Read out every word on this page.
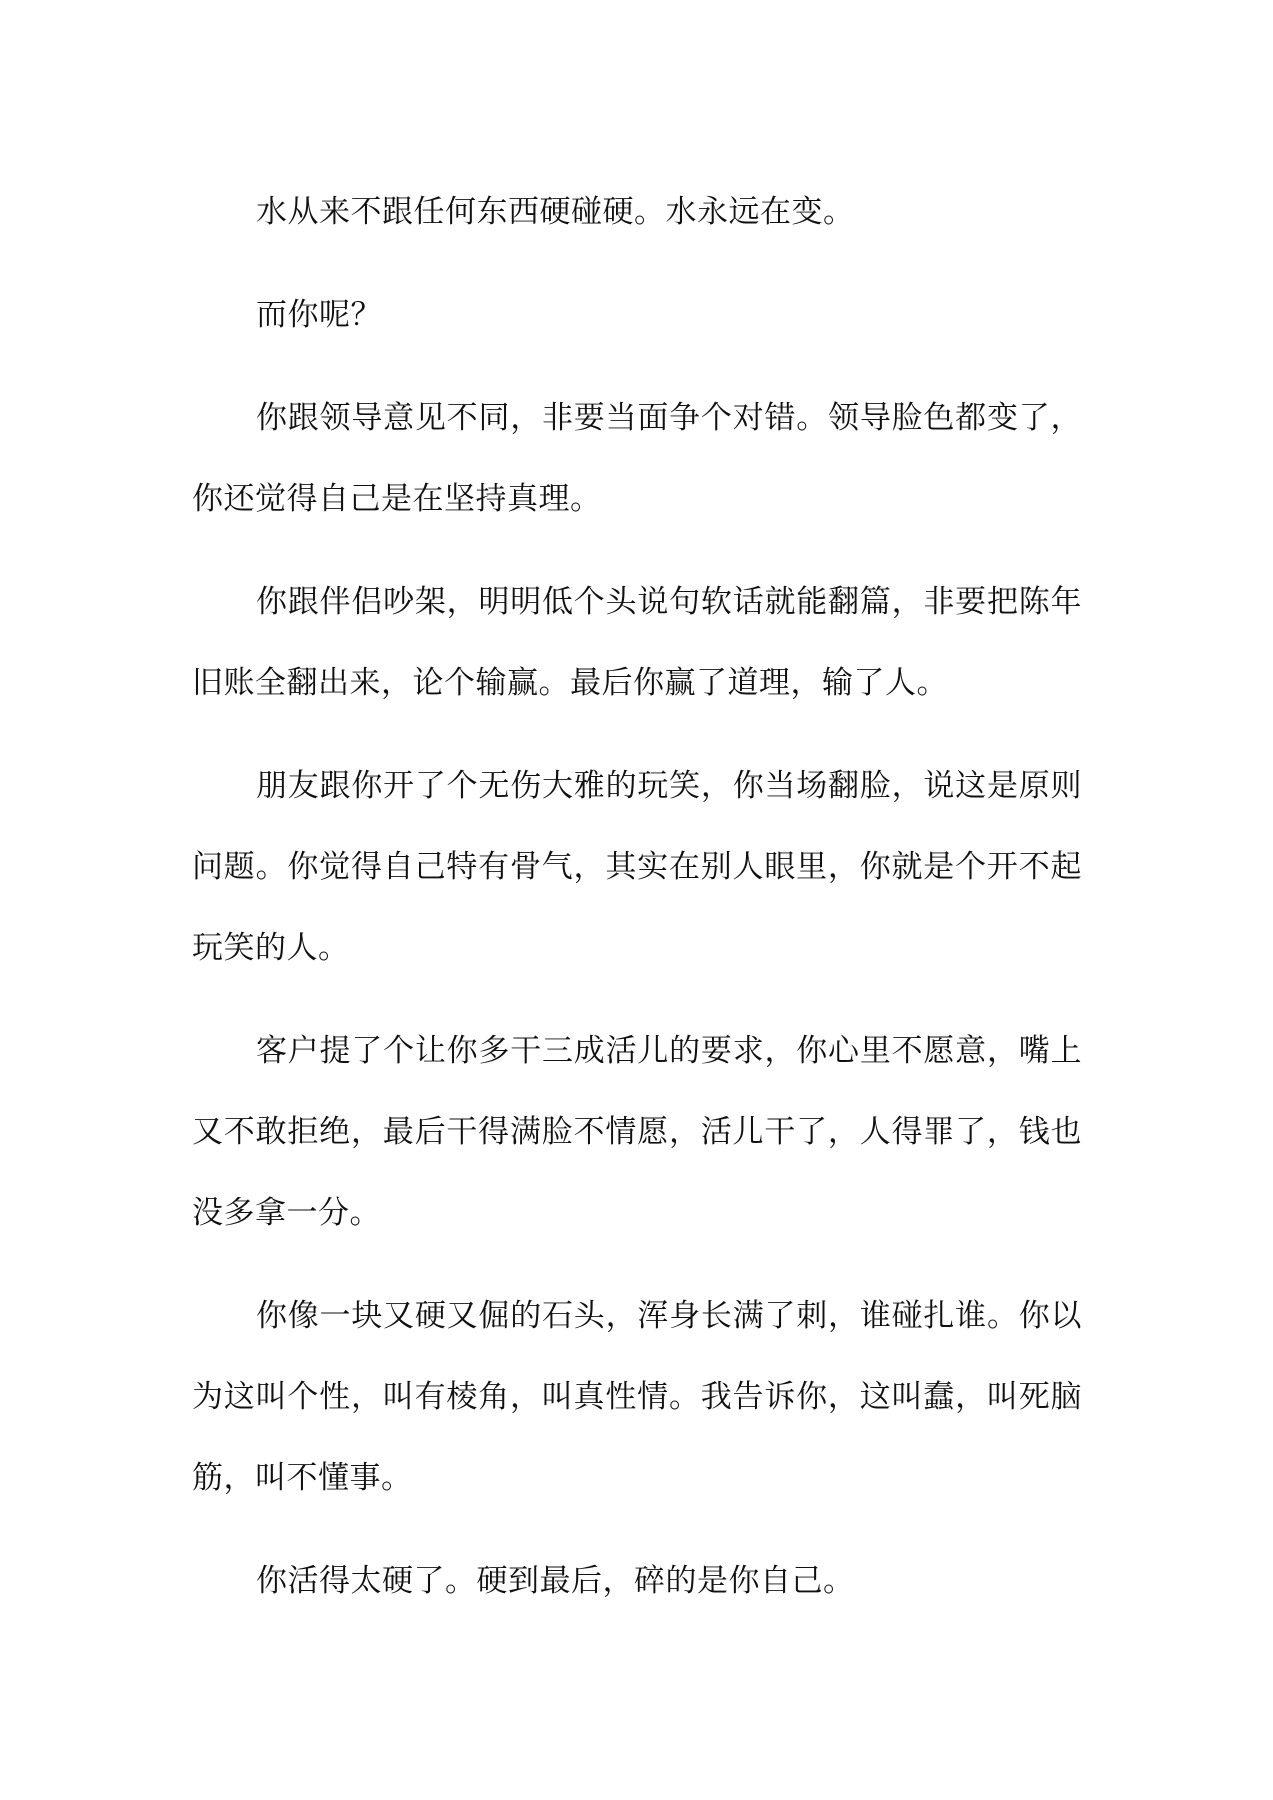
水从来不跟任何东西硬碰硬。水永远在变。

而你呢？

你跟领导意见不同，非要当面争个对错。领导脸色都变了，你还觉得自己是在坚持真理。

你跟伴侣吵架，明明低个头说句软话就能翻篇，非要把陈年旧账全翻出来，论个输赢。最后你赢了道理，输了人。

朋友跟你开了个无伤大雅的玩笑，你当场翻脸，说这是原则问题。你觉得自己特有骨气，其实在别人眼里，你就是个开不起玩笑的人。

客户提了个让你多干三成活儿的要求，你心里不愿意，嘴上又不敢拒绝，最后干得满脸不情愿，活儿干了，人得罪了，钱也没多拿一分。

你像一块又硬又倔的石头，浑身长满了刺，谁碰扎谁。你以为这叫个性，叫有棱角，叫真性情。我告诉你，这叫蠢，叫死脑筋，叫不懂事。

你活得太硬了。硬到最后，碎的是你自己。
